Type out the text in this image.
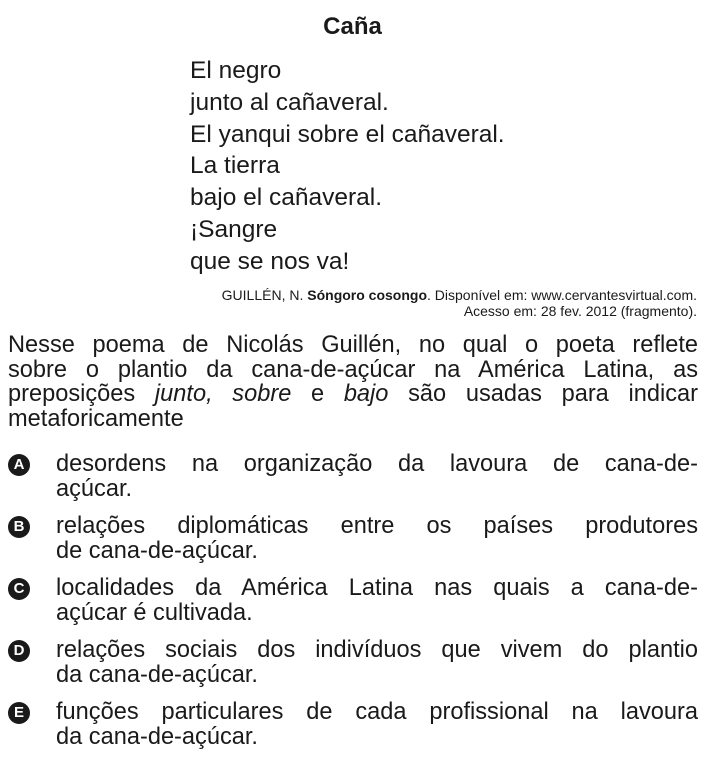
Caña
El negro
junto al cañaveral.
El yanqui sobre el cañaveral.
La tierra
bajo el cañaveral.
¡Sangre
que se nos va!
GUILLÉN, N. Sóngoro cosongo. Disponível em: www.cervantesvirtual.com.
Acesso em: 28 fev. 2012 (fragmento).
Nesse poema de Nicolás Guillén, no qual o poeta reflete
sobre o plantio da cana-de-açúcar na América Latina, as
preposições junto, sobre e bajo são usadas para indicar
metaforicamente
A desordens na organização da lavoura de cana-de-
açúcar.
B relações diplomáticas entre os países produtores
de cana-de-açúcar.
C localidades da América Latina nas quais a cana-de-
açúcar é cultivada.
D relações sociais dos indivíduos que vivem do plantio
da cana-de-açúcar.
E funções particulares de cada profissional na lavoura
da cana-de-açúcar.
